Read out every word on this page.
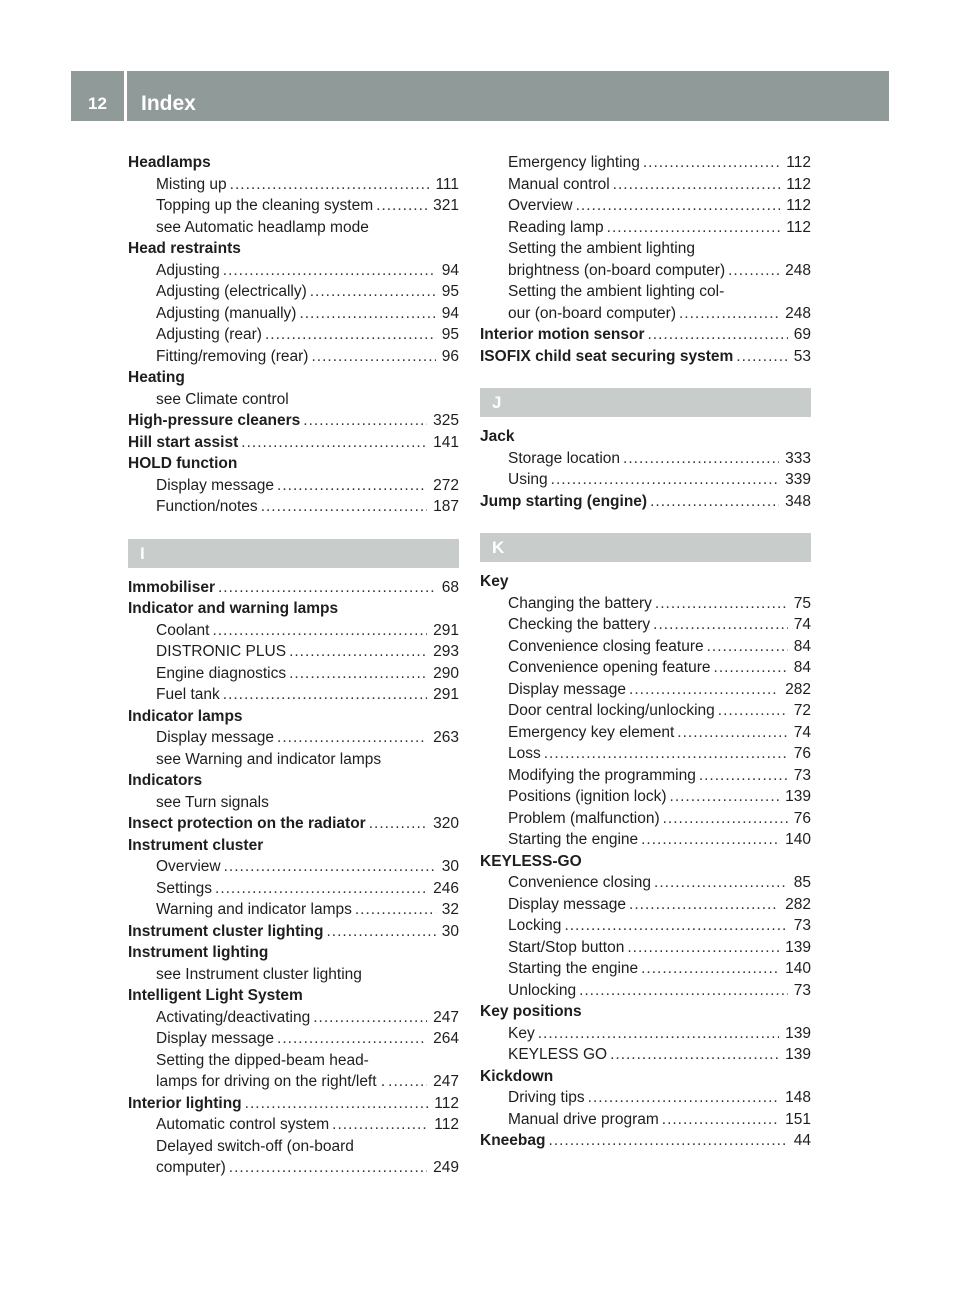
12	Index
Headlamps
Misting up .....	111
Topping up the cleaning system .....	321
see Automatic headlamp mode
Head restraints
Adjusting .....	94
Adjusting (electrically) .....	95
Adjusting (manually) .....	94
Adjusting (rear) .....	95
Fitting/removing (rear) .....	96
Heating
see Climate control
High-pressure cleaners .....	325
Hill start assist .....	141
HOLD function
Display message .....	272
Function/notes .....	187
I
Immobiliser .....	68
Indicator and warning lamps
Coolant .....	291
DISTRONIC PLUS .....	293
Engine diagnostics .....	290
Fuel tank .....	291
Indicator lamps
Display message .....	263
see Warning and indicator lamps
Indicators
see Turn signals
Insect protection on the radiator .....	320
Instrument cluster
Overview .....	30
Settings .....	246
Warning and indicator lamps .....	32
Instrument cluster lighting .....	30
Instrument lighting
see Instrument cluster lighting
Intelligent Light System
Activating/deactivating .....	247
Display message .....	264
Setting the dipped-beam head-
lamps for driving on the right/left . .....	247
Interior lighting .....	112
Automatic control system .....	112
Delayed switch-off (on-board
computer) .....	249
Emergency lighting .....	112
Manual control .....	112
Overview .....	112
Reading lamp .....	112
Setting the ambient lighting
brightness (on-board computer) .....	248
Setting the ambient lighting col-
our (on-board computer) .....	248
Interior motion sensor .....	69
ISOFIX child seat securing system .....	53
J
Jack
Storage location .....	333
Using .....	339
Jump starting (engine) .....	348
K
Key
Changing the battery .....	75
Checking the battery .....	74
Convenience closing feature .....	84
Convenience opening feature .....	84
Display message .....	282
Door central locking/unlocking .....	72
Emergency key element .....	74
Loss .....	76
Modifying the programming .....	73
Positions (ignition lock) .....	139
Problem (malfunction) .....	76
Starting the engine .....	140
KEYLESS-GO
Convenience closing .....	85
Display message .....	282
Locking .....	73
Start/Stop button .....	139
Starting the engine .....	140
Unlocking .....	73
Key positions
Key .....	139
KEYLESS GO .....	139
Kickdown
Driving tips .....	148
Manual drive program .....	151
Kneebag .....	44
